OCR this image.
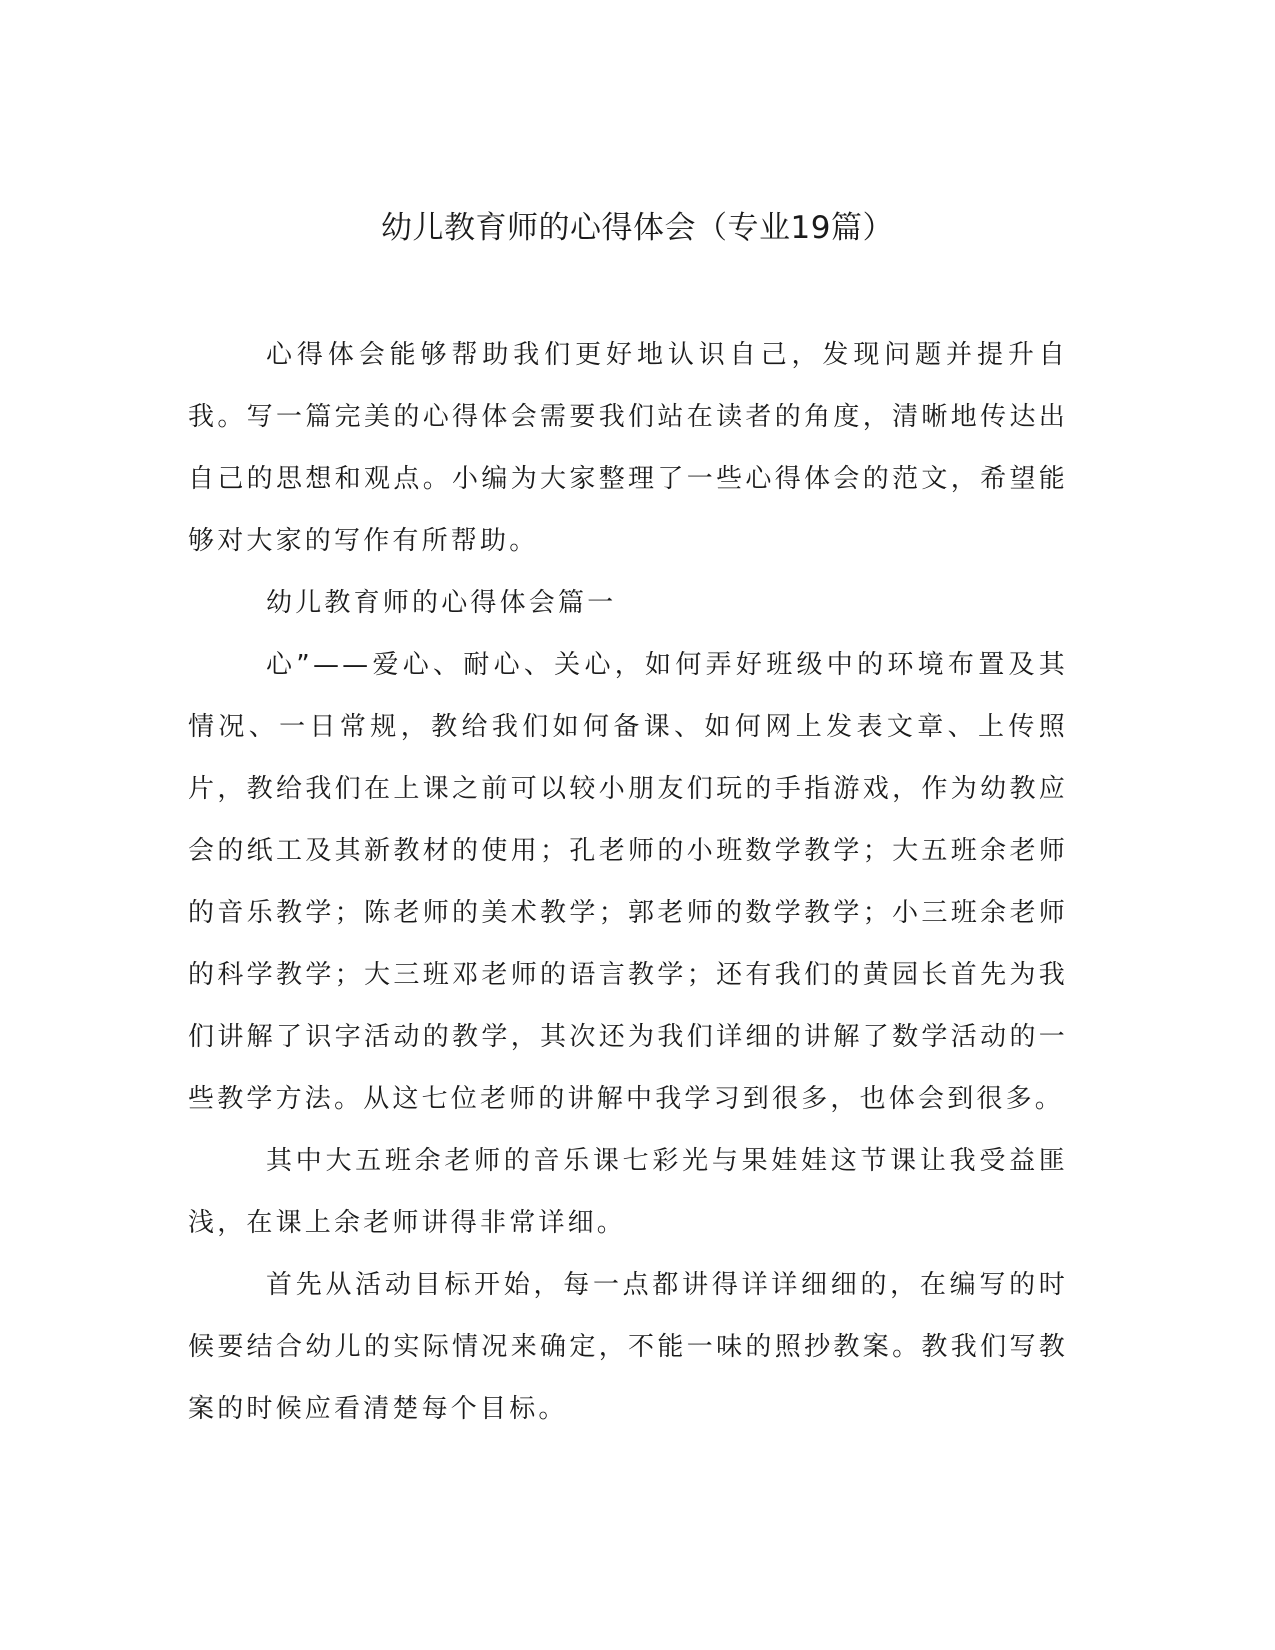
幼儿教育师的心得体会（专业19篇）

心得体会能够帮助我们更好地认识自己，发现问题并提升自我。写一篇完美的心得体会需要我们站在读者的角度，清晰地传达出自己的思想和观点。小编为大家整理了一些心得体会的范文，希望能够对大家的写作有所帮助。

幼儿教育师的心得体会篇一

心”——爱心、耐心、关心，如何弄好班级中的环境布置及其情况、一日常规，教给我们如何备课、如何网上发表文章、上传照片，教给我们在上课之前可以较小朋友们玩的手指游戏，作为幼教应会的纸工及其新教材的使用；孔老师的小班数学教学；大五班余老师的音乐教学；陈老师的美术教学；郭老师的数学教学；小三班余老师的科学教学；大三班邓老师的语言教学；还有我们的黄园长首先为我们讲解了识字活动的教学，其次还为我们详细的讲解了数学活动的一些教学方法。从这七位老师的讲解中我学习到很多，也体会到很多。

其中大五班余老师的音乐课七彩光与果娃娃这节课让我受益匪浅，在课上余老师讲得非常详细。

首先从活动目标开始，每一点都讲得详详细细的，在编写的时候要结合幼儿的实际情况来确定，不能一味的照抄教案。教我们写教案的时候应看清楚每个目标。
